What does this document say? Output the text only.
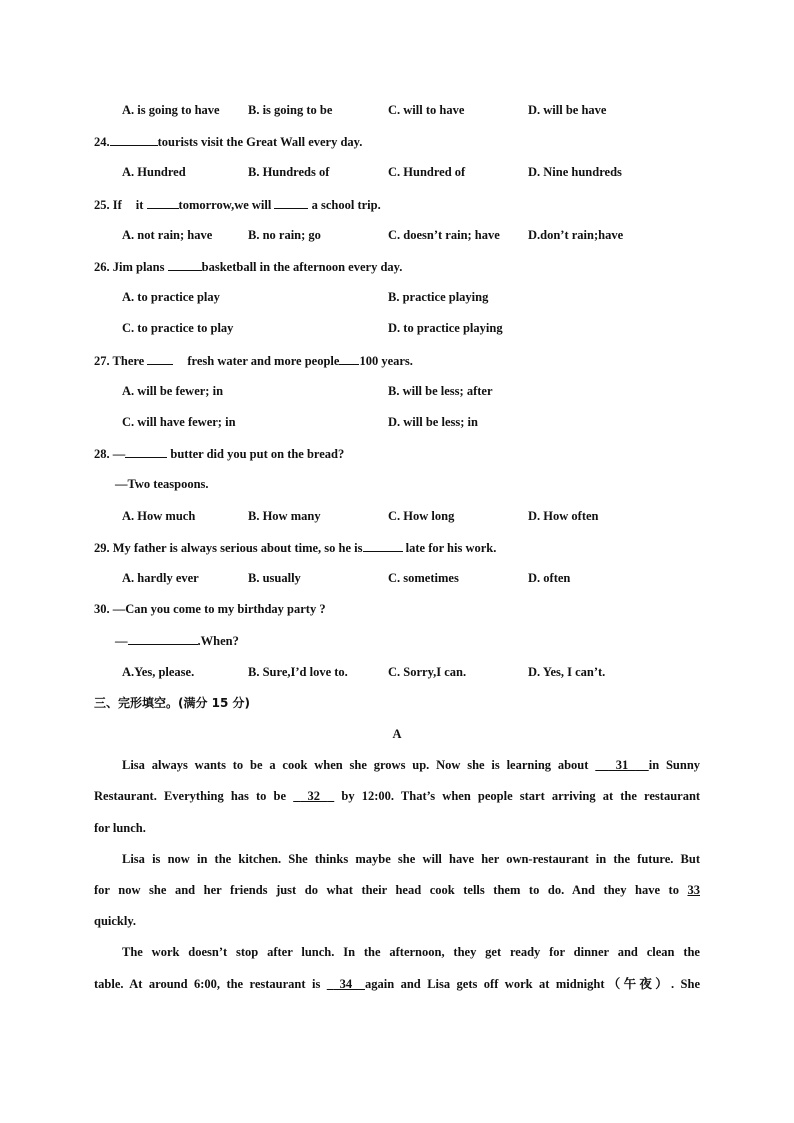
A. is going to have B. is going to be	C. will to have	D. will be have
24.	tourists visit the Great Wall every day.
A. Hundred	B. Hundreds of	C. Hundred of	D. Nine hundreds
25. If it	tomorrow,we will	a school trip.
A. not rain; have	B. no rain; go	C. doesn’t rain; have D.don’t rain;have
26. Jim plans	basketball in the afternoon every day.
A. to practice play	B. practice playing
C. to practice to play	D. to practice playing
27. There	fresh water and more people 100 years.
A. will be fewer; in	B. will be less; after
C. will have fewer; in	D. will be less; in
28. —	butter did you put on the bread?
—Two teaspoons.
A. How much	B. How many	C. How long	D. How often
29. My father is always serious about time, so he is	late for his work.
A. hardly ever	B. usually	C. sometimes	D. often
30. —Can you come to my birthday party ?
—	.When?
A.Yes, please.	B. Sure,I’d love to.	C. Sorry,I can.	D. Yes, I can’t.
三、完形填空。(满分 15 分)
A
Lisa always wants to be a cook when she grows up. Now she is learning about    31   in Sunny
Restaurant. Everything has to be   32   by 12:00. That’s when people start arriving at the restaurant
for lunch.
Lisa is now in the kitchen. She thinks maybe she will have her own-restaurant in the future. But
for now she and her friends just do what their head cook tells them to do. And they have to 33
quickly.
The work doesn’t stop after lunch. In the afternoon, they get ready for dinner and clean the
table. At around 6:00, the restaurant is   34  again and Lisa gets off work at midnight（午夜）. She
